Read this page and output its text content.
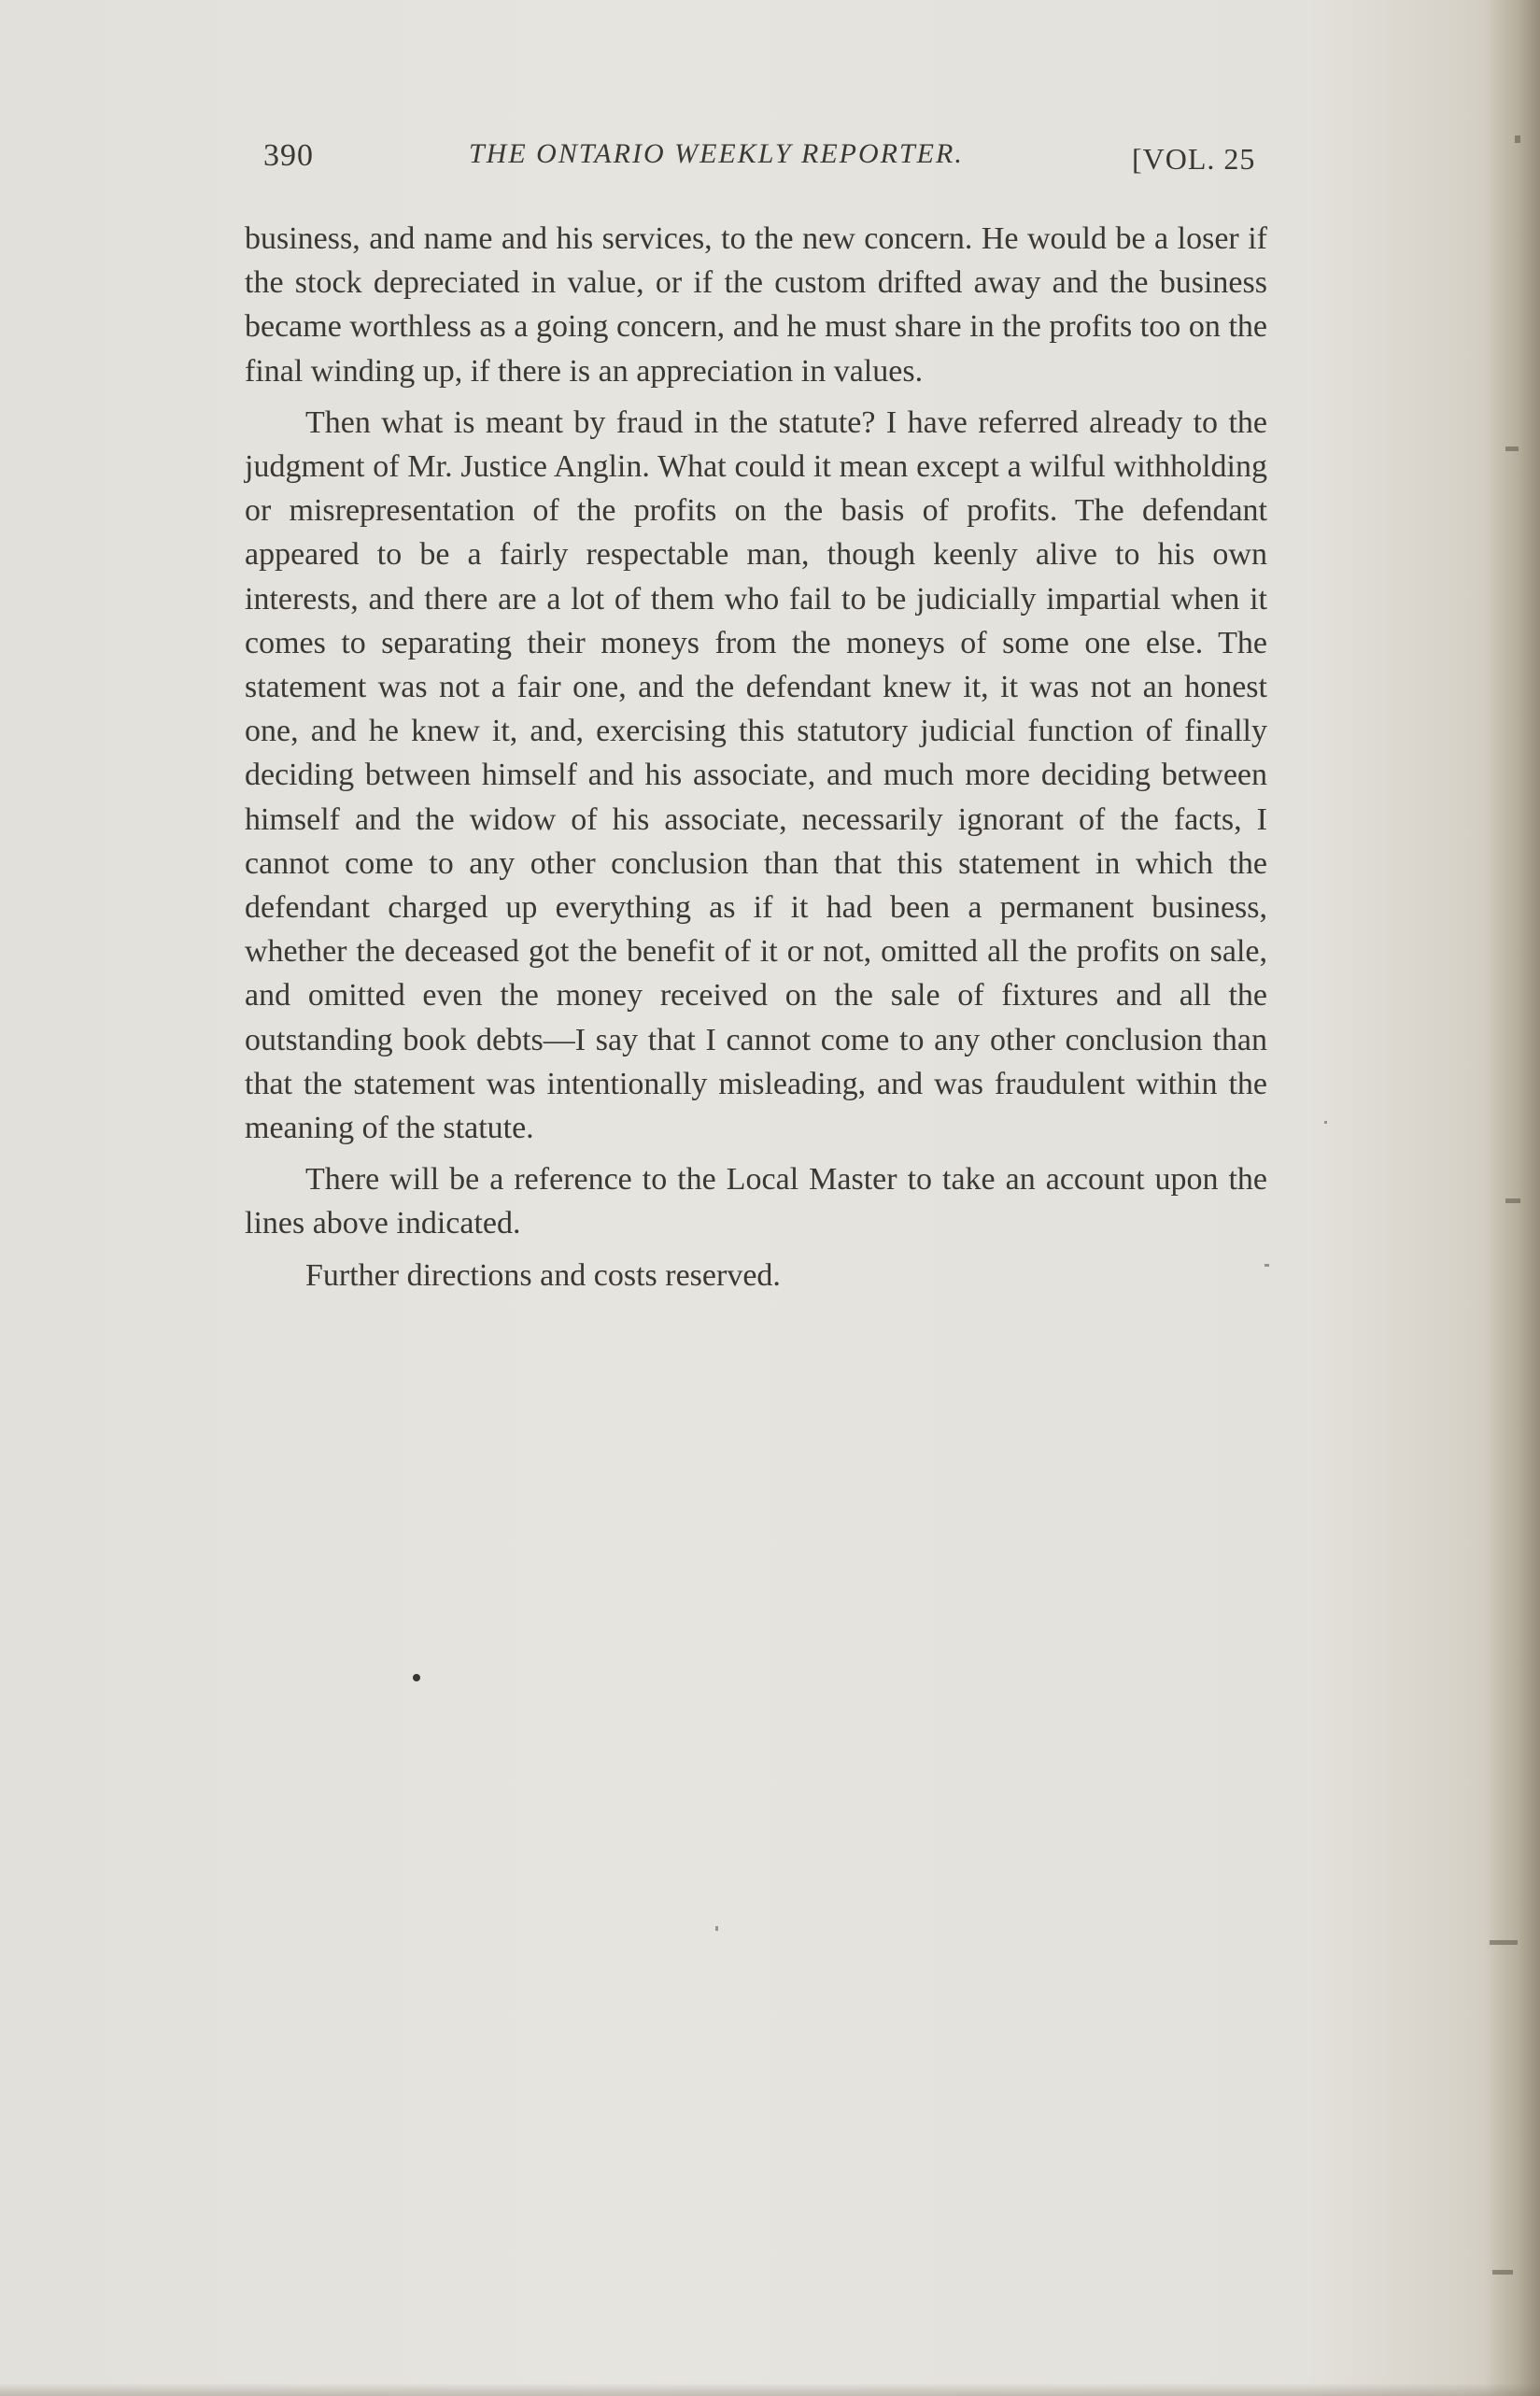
390	THE ONTARIO WEEKLY REPORTER.	[VOL. 25

business, and name and his services, to the new concern. He would be a loser if the stock depreciated in value, or if the custom drifted away and the business became worthless as a going concern, and he must share in the profits too on the final winding up, if there is an appreciation in values.

Then what is meant by fraud in the statute? I have referred already to the judgment of Mr. Justice Anglin. What could it mean except a wilful withholding or misrepresentation of the profits on the basis of profits. The defendant appeared to be a fairly respectable man, though keenly alive to his own interests, and there are a lot of them who fail to be judicially impartial when it comes to separating their moneys from the moneys of some one else. The statement was not a fair one, and the defendant knew it, it was not an honest one, and he knew it, and, exercising this statutory judicial function of finally deciding between himself and his associate, and much more deciding between himself and the widow of his associate, necessarily ignorant of the facts, I cannot come to any other conclusion than that this statement in which the defendant charged up everything as if it had been a permanent business, whether the deceased got the benefit of it or not, omitted all the profits on sale, and omitted even the money received on the sale of fixtures and all the outstanding book debts—I say that I cannot come to any other conclusion than that the statement was intentionally misleading, and was fraudulent within the meaning of the statute.

There will be a reference to the Local Master to take an account upon the lines above indicated.

Further directions and costs reserved.
